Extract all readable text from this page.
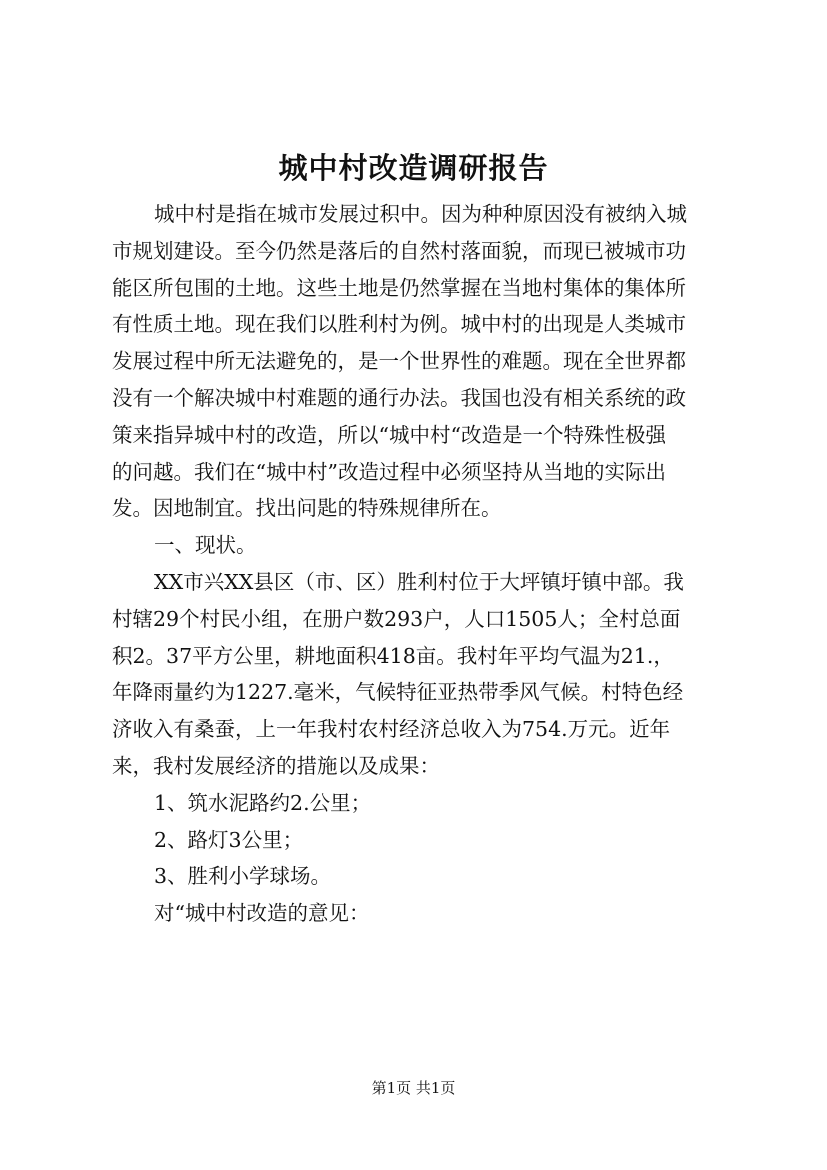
城中村改造调研报告
城中村是指在城市发展过积中。因为种种原因没有被纳入城
市规划建设。至今仍然是落后的自然村落面貌，而现已被城市功
能区所包围的土地。这些土地是仍然掌握在当地村集体的集体所
有性质土地。现在我们以胜利村为例。城中村的出现是人类城市
发展过程中所无法避免的，是一个世界性的难题。现在全世界都
没有一个解决城中村难题的通行办法。我国也没有相关系统的政
策来指异城中村的改造，所以“城中村“改造是一个特殊性极强
的问越。我们在“城中村”改造过程中必须坚持从当地的实际出
发。因地制宜。找出问匙的特殊规律所在。
一、现状。
XX市兴XX县区（市、区）胜利村位于大坪镇圩镇中部。我
村辖29个村民小组，在册户数293户，人口1505人；全村总面
积2。37平方公里，耕地面积418亩。我村年平均气温为21.，
年降雨量约为1227.毫米，气候特征亚热带季风气候。村特色经
济收入有桑蚕，上一年我村农村经济总收入为754.万元。近年
来，我村发展经济的措施以及成果：
1、筑水泥路约2.公里；
2、路灯3公里；
3、胜利小学球场。
对“城中村改造的意见：
第1页 共1页
